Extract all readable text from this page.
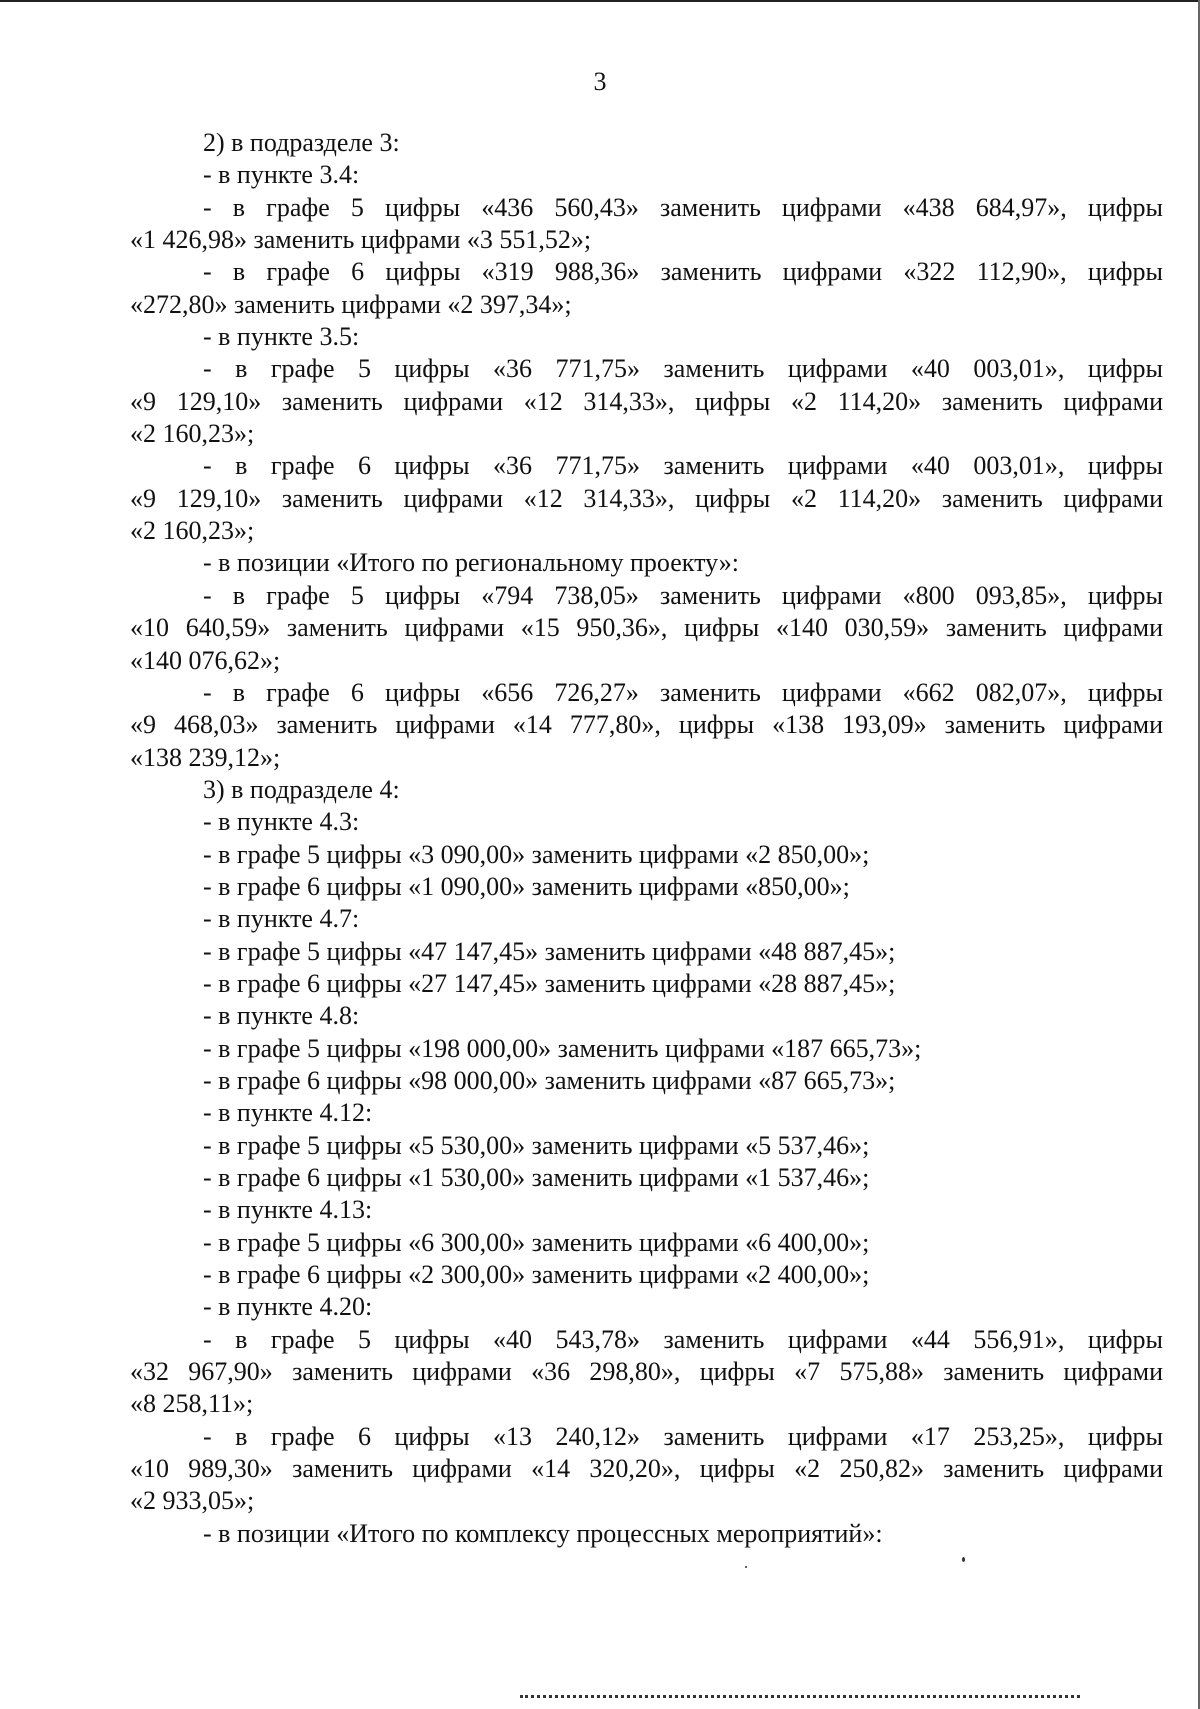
3
2) в подразделе 3:
- в пункте 3.4:
- в графе 5 цифры «436 560,43» заменить цифрами «438 684,97», цифры
«1 426,98» заменить цифрами «3 551,52»;
- в графе 6 цифры «319 988,36» заменить цифрами «322 112,90», цифры
«272,80» заменить цифрами «2 397,34»;
- в пункте 3.5:
- в графе 5 цифры «36 771,75» заменить цифрами «40 003,01», цифры
«9 129,10» заменить цифрами «12 314,33», цифры «2 114,20» заменить цифрами
«2 160,23»;
- в графе 6 цифры «36 771,75» заменить цифрами «40 003,01», цифры
«9 129,10» заменить цифрами «12 314,33», цифры «2 114,20» заменить цифрами
«2 160,23»;
- в позиции «Итого по региональному проекту»:
- в графе 5 цифры «794 738,05» заменить цифрами «800 093,85», цифры
«10 640,59» заменить цифрами «15 950,36», цифры «140 030,59» заменить цифрами
«140 076,62»;
- в графе 6 цифры «656 726,27» заменить цифрами «662 082,07», цифры
«9 468,03» заменить цифрами «14 777,80», цифры «138 193,09» заменить цифрами
«138 239,12»;
3) в подразделе 4:
- в пункте 4.3:
- в графе 5 цифры «3 090,00» заменить цифрами «2 850,00»;
- в графе 6 цифры «1 090,00» заменить цифрами «850,00»;
- в пункте 4.7:
- в графе 5 цифры «47 147,45» заменить цифрами «48 887,45»;
- в графе 6 цифры «27 147,45» заменить цифрами «28 887,45»;
- в пункте 4.8:
- в графе 5 цифры «198 000,00» заменить цифрами «187 665,73»;
- в графе 6 цифры «98 000,00» заменить цифрами «87 665,73»;
- в пункте 4.12:
- в графе 5 цифры «5 530,00» заменить цифрами «5 537,46»;
- в графе 6 цифры «1 530,00» заменить цифрами «1 537,46»;
- в пункте 4.13:
- в графе 5 цифры «6 300,00» заменить цифрами «6 400,00»;
- в графе 6 цифры «2 300,00» заменить цифрами «2 400,00»;
- в пункте 4.20:
- в графе 5 цифры «40 543,78» заменить цифрами «44 556,91», цифры
«32 967,90» заменить цифрами «36 298,80», цифры «7 575,88» заменить цифрами
«8 258,11»;
- в графе 6 цифры «13 240,12» заменить цифрами «17 253,25», цифры
«10 989,30» заменить цифрами «14 320,20», цифры «2 250,82» заменить цифрами
«2 933,05»;
- в позиции «Итого по комплексу процессных мероприятий»:
